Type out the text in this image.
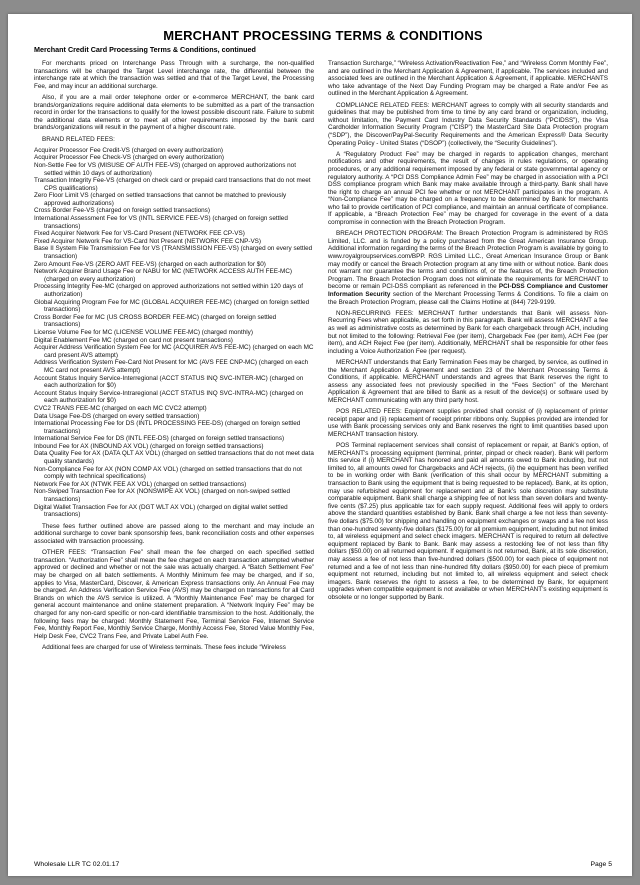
MERCHANT PROCESSING TERMS & CONDITIONS
Merchant Credit Card Processing Terms & Conditions, continued

For merchants priced on Interchange Pass Through with a surcharge, the non-qualified transactions will be charged the Target Level interchange rate, the differential between the interchange rate at which the transaction was settled and that of the Target Level, the Processing Fee, and may incur an additional surcharge.

Also, if you are a mail order telephone order or e-commerce MERCHANT, the bank card brands/organizations require additional data elements to be submitted as a part of the transaction record in order for the transactions to qualify for the lowest possible discount rate. Failure to submit the additional data elements or to meet all other requirements imposed by the bank card brands/organizations will result in the payment of a higher discount rate.

BRAND RELATED FEES:

Acquirer Processor Fee Credit-VS (charged on every authorization)
Acquirer Processor Fee Check-VS (charged on every authorization)
Non-Settle Fee for VS (MISUSE OF AUTH FEE-VS) (charged on approved authorizations not settled within 10 days of authorization)
Transaction Integrity Fee-VS (charged on check card or prepaid card transactions that do not meet CPS qualifications)
Zero Floor Limit VS (charged on settled transactions that cannot be matched to previously approved authorizations)
Cross Border Fee-VS (charged on foreign settled transactions)
International Assessment Fee for VS (INTL SERVICE FEE-VS) (charged on foreign settled transactions)
Fixed Acquirer Network Fee for VS-Card Present (NETWORK FEE CP-VS)
Fixed Acquirer Network Fee for VS-Card Not Present (NETWORK FEE CNP-VS)
Base II System File Transmission Fee for VS (TRANSMISSION FEE-VS) (charged on every settled transaction)
Zero Amount Fee-VS (ZERO AMT FEE-VS) (charged on each authorization for $0)
Network Acquirer Brand Usage Fee or NABU for MC (NETWORK ACCESS AUTH FEE-MC) (charged on every authorization)
Processing Integrity Fee-MC (charged on approved authorizations not settled within 120 days of authorization)
Global Acquiring Program Fee for MC (GLOBAL ACQUIRER FEE-MC) (charged on foreign settled transactions)
Cross Border Fee for MC (US CROSS BORDER FEE-MC) (charged on foreign settled transactions)
License Volume Fee for MC (LICENSE VOLUME FEE-MC) (charged monthly)
Digital Enablement Fee MC (charged on card not present transactions)
Acquirer Address Verification System Fee for MC (ACQUIRER AVS FEE-MC) (charged on each MC card present AVS attempt)
Address Verification System Fee-Card Not Present for MC (AVS FEE CNP-MC) (charged on each MC card not present AVS attempt)
Account Status Inquiry Service-Interregional (ACCT STATUS INQ SVC-INTER-MC) (charged on each authorization for $0)
Account Status Inquiry Service-Intraregional (ACCT STATUS INQ SVC-INTRA-MC) (charged on each authorization for $0)
CVC2 TRANS FEE-MC (charged on each MC CVC2 attempt)
Data Usage Fee-DS (charged on every settled transaction)
International Processing Fee for DS (INTL PROCESSING FEE-DS) (charged on foreign settled transactions)
International Service Fee for DS (INTL FEE-DS) (charged on foreign settled transactions)
Inbound Fee for AX (INBOUND AX VOL) (charged on foreign settled transactions)
Data Quality Fee for AX (DATA QLT AX VOL) (charged on settled transactions that do not meet data quality standards)
Non-Compliance Fee for AX (NON COMP AX VOL) (charged on settled transactions that do not comply with technical specifications)
Network Fee for AX (NTWK FEE AX VOL) (charged on settled transactions)
Non-Swiped Transaction Fee for AX (NONSWIPE AX VOL) (charged on non-swiped settled transactions)
Digital Wallet Transaction Fee for AX (DGT WLT AX VOL) (charged on digital wallet settled transactions)

These fees further outlined above are passed along to the merchant and may include an additional surcharge to cover bank sponsorship fees, bank reconciliation costs and other expenses associated with transaction processing.

OTHER FEES: “Transaction Fee” shall mean the fee charged on each specified settled transaction. “Authorization Fee” shall mean the fee charged on each transaction attempted whether approved or declined and whether or not the sale was actually charged. A “Batch Settlement Fee” may be charged on all batch settlements. A Monthly Minimum fee may be charged, and if so, applies to Visa, MasterCard, Discover, & American Express transactions only. An Annual Fee may be charged. An Address Verification Service Fee (AVS) may be charged on transactions for all Card Brands on which the AVS service is utilized. A “Monthly Maintenance Fee” may be charged for general account maintenance and online statement preparation. A “Network Inquiry Fee” may be charged for any non-card specific or non-card identifiable transmission to the host. Additionally, the following fees may be charged: Monthly Statement Fee, Terminal Service Fee, Internet Service Fee, Monthly Report Fee, Monthly Service Charge, Monthly Access Fee, Stored Value Monthly Fee, Help Desk Fee, CVC2 Trans Fee, and Private Label Auth Fee.

Additional fees are charged for use of Wireless terminals. These fees include “Wireless

Transaction Surcharge,” “Wireless Activation/Reactivation Fee,” and “Wireless Comm Monthly Fee”, and are outlined in the Merchant Application & Agreement, if applicable. The services included and associated fees are outlined in the Merchant Application & Agreement, if applicable. MERCHANTS who take advantage of the Next Day Funding Program may be charged a Rate and/or Fee as outlined in the Merchant Application & Agreement.

COMPLIANCE RELATED FEES: MERCHANT agrees to comply with all security standards and guidelines that may be published from time to time by any card brand or organization, including, without limitation, the Payment Card Industry Data Security Standards (“PCIDSS”), the Visa Cardholder Information Security Program (“CISP”) the MasterCard Site Data Protection program (“SDP”), the Discover/PayPal-Security Requirements and the American Express® Data Security Operating Policy - United States (“DSOP”) (collectively, the “Security Guidelines”).

A “Regulatory Product Fee” may be charged in regards to application changes, merchant notifications and other requirements, the result of changes in rules regulations, or operating procedures, or any additional requirement imposed by any federal or state governmental agency or regulatory authority. A “PCI DSS Compliance Admin Fee” may be charged in association with a PCI DSS compliance program which Bank may make available through a third-party. Bank shall have the right to charge an annual PCI fee whether or not MERCHANT participates in the program. A “Non-Compliance Fee” may be charged on a frequency to be determined by Bank for merchants who fail to provide certification of PCI compliance, and maintain an annual certificate of compliance. If applicable, a “Breach Protection Fee” may be charged for coverage in the event of a data compromise in connection with the Breach Protection Program.

BREACH PROTECTION PROGRAM: The Breach Protection Program is administered by RGS Limited, LLC. and is funded by a policy purchased from the Great American Insurance Group. Additional information regarding the terms of the Breach Protection Program is available by going to www.royalgroupservices.com/BPP. RGS Limited LLC., Great American Insurance Group or Bank may modify or cancel the Breach Protection program at any time with or without notice. Bank does not warrant nor guarantee the terms and conditions of, or the features of, the Breach Protection Program. The Breach Protection Program does not eliminate the requirements for MERCHANT to become or remain PCI-DSS compliant as referenced in the PCI-DSS Compliance and Customer Information Security section of the Merchant Processing Terms & Conditions. To file a claim on the Breach Protection Program, please call the Claims Hotline at (844) 729-9199.

NON-RECURRING FEES: MERCHANT further understands that Bank will assess Non-Recurring Fees when applicable, as set forth in this paragraph. Bank will assess MERCHANT a fee as well as administrative costs as determined by Bank for each chargeback through ACH, including but not limited to the following: Retrieval Fee (per item), Chargeback Fee (per item), ACH Fee (per item), and ACH Reject Fee (per item). Additionally, MERCHANT shall be responsible for other fees including a Voice Authorization Fee (per request).

MERCHANT understands that Early Termination Fees may be charged, by service, as outlined in the Merchant Application & Agreement and section 23 of the Merchant Processing Terms & Conditions, if applicable. MERCHANT understands and agrees that Bank reserves the right to assess any associated fees not previously specified in the “Fees Section” of the Merchant Application & Agreement that are billed to Bank as a result of the device(s) or software used by MERCHANT communicating with any third party host.

POS RELATED FEES: Equipment supplies provided shall consist of (i) replacement of printer receipt paper and (ii) replacement of receipt printer ribbons only. Supplies provided are intended for use with Bank processing services only and Bank reserves the right to limit quantities based upon MERCHANT transaction history.

POS Terminal replacement services shall consist of replacement or repair, at Bank’s option, of MERCHANT’s processing equipment (terminal, printer, pinpad or check reader). Bank will perform this service if (i) MERCHANT has honored and paid all amounts owed to Bank including, but not limited to, all amounts owed for Chargebacks and ACH rejects, (ii) the equipment has been verified to be in working order with Bank (verification of this shall occur by MERCHANT submitting a transaction to Bank using the equipment that is being requested to be replaced). Bank, at its option, may use refurbished equipment for replacement and at Bank’s sole discretion may substitute comparable equipment. Bank shall charge a shipping fee of not less than seven dollars and twenty-five cents ($7.25) plus applicable tax for each supply request. Additional fees will apply to orders above the standard quantities established by Bank. Bank shall charge a fee not less than seventy-five dollars ($75.00) for shipping and handling on equipment exchanges or swaps and a fee not less than one-hundred seventy-five dollars ($175.00) for all premium equipment, including but not limited to, all wireless equipment and select check imagers. MERCHANT is required to return all defective equipment replaced by Bank to Bank. Bank may assess a restocking fee of not less than fifty dollars ($50.00) on all returned equipment. If equipment is not returned, Bank, at its sole discretion, may assess a fee of not less than five-hundred dollars ($500.00) for each piece of equipment not returned and a fee of not less than nine-hundred fifty dollars ($950.00) for each piece of premium equipment not returned, including but not limited to, all wireless equipment and select check imagers. Bank reserves the right to assess a fee, to be determined by Bank, for equipment upgrades when compatible equipment is not available or when MERCHANT’s existing equipment is obsolete or no longer supported by Bank.

Wholesale LLR TC 02.01.17	Page 5
